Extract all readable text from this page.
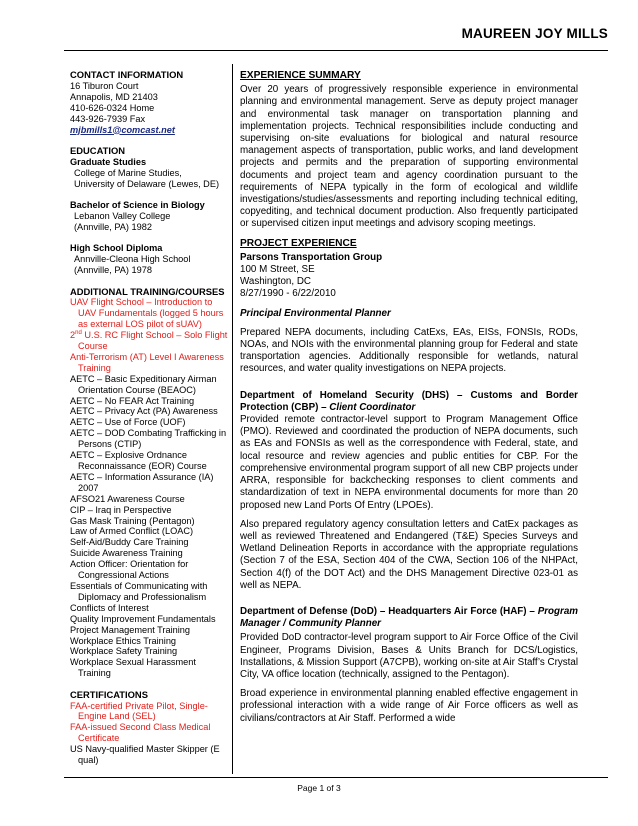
MAUREEN JOY MILLS
CONTACT INFORMATION
16 Tiburon Court
Annapolis, MD 21403
410-626-0324 Home
443-926-7939 Fax
mjbmills1@comcast.net
EDUCATION
Graduate Studies
College of Marine Studies,
University of Delaware (Lewes, DE)
Bachelor of Science in Biology
Lebanon Valley College
(Annville, PA) 1982
High School Diploma
Annville-Cleona High School
(Annville, PA) 1978
ADDITIONAL TRAINING/COURSES
UAV Flight School – Introduction to UAV Fundamentals (logged 5 hours as external LOS pilot of sUAV)
2nd U.S. RC Flight School – Solo Flight Course
Anti-Terrorism (AT) Level I Awareness Training
AETC – Basic Expeditionary Airman Orientation Course (BEAOC)
AETC – No FEAR Act Training
AETC – Privacy Act (PA) Awareness
AETC – Use of Force (UOF)
AETC – DOD Combating Trafficking in Persons (CTIP)
AETC – Explosive Ordnance Reconnaissance (EOR) Course
AETC – Information Assurance (IA) 2007
AFSO21 Awareness Course
CIP – Iraq in Perspective
Gas Mask Training (Pentagon)
Law of Armed Conflict (LOAC)
Self-Aid/Buddy Care Training
Suicide Awareness Training
Action Officer: Orientation for Congressional Actions
Essentials of Communicating with Diplomacy and Professionalism
Conflicts of Interest
Quality Improvement Fundamentals
Project Management Training
Workplace Ethics Training
Workplace Safety Training
Workplace Sexual Harassment Training
CERTIFICATIONS
FAA-certified Private Pilot, Single-Engine Land (SEL)
FAA-issued Second Class Medical Certificate
US Navy-qualified Master Skipper (E qual)
EXPERIENCE SUMMARY
Over 20 years of progressively responsible experience in environmental planning and environmental management. Serve as deputy project manager and environmental task manager on transportation planning and implementation projects. Technical responsibilities include conducting and supervising on-site evaluations for biological and natural resource management aspects of transportation, public works, and land development projects and permits and the preparation of supporting environmental documents and project team and agency coordination pursuant to the requirements of NEPA typically in the form of ecological and wildlife investigations/studies/assessments and reporting including technical editing, copyediting, and technical document production. Also frequently participated or supervised citizen input meetings and advisory scoping meetings.
PROJECT EXPERIENCE
Parsons Transportation Group
100 M Street, SE
Washington, DC
8/27/1990 - 6/22/2010
Principal Environmental Planner
Prepared NEPA documents, including CatExs, EAs, EISs, FONSIs, RODs, NOAs, and NOIs with the environmental planning group for Federal and state transportation agencies. Additionally responsible for wetlands, natural resources, and water quality investigations on NEPA projects.
Department of Homeland Security (DHS) – Customs and Border Protection (CBP) – Client Coordinator
Provided remote contractor-level support to Program Management Office (PMO). Reviewed and coordinated the production of NEPA documents, such as EAs and FONSIs as well as the correspondence with Federal, state, and local resource and review agencies and public entities for CBP. For the comprehensive environmental program support of all new CBP projects under ARRA, responsible for backchecking responses to client comments and standardization of text in NEPA environmental documents for more than 20 proposed new Land Ports Of Entry (LPOEs).
Also prepared regulatory agency consultation letters and CatEx packages as well as reviewed Threatened and Endangered (T&E) Species Surveys and Wetland Delineation Reports in accordance with the appropriate regulations (Section 7 of the ESA, Section 404 of the CWA, Section 106 of the NHPAct, Section 4(f) of the DOT Act) and the DHS Management Directive 023-01 as well as NEPA.
Department of Defense (DoD) – Headquarters Air Force (HAF) – Program Manager / Community Planner
Provided DoD contractor-level program support to Air Force Office of the Civil Engineer, Programs Division, Bases & Units Branch for DCS/Logistics, Installations, & Mission Support (A7CPB), working on-site at Air Staff’s Crystal City, VA office location (technically, assigned to the Pentagon).
Broad experience in environmental planning enabled effective engagement in professional interaction with a wide range of Air Force officers as well as civilians/contractors at Air Staff. Performed a wide
Page 1 of 3
